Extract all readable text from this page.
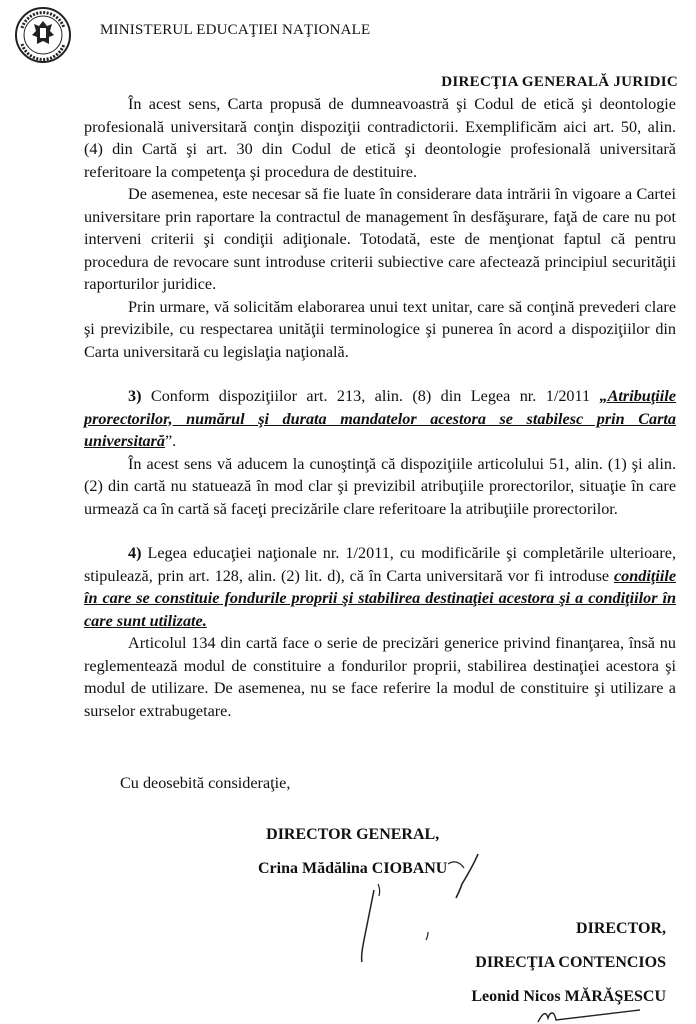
MINISTERUL EDUCAŢIEI NAŢIONALE
DIRECŢIA GENERALĂ JURIDIC

În acest sens, Carta propusă de dumneavoastră şi Codul de etică şi deontologie profesională universitară conţin dispoziţii contradictorii. Exemplificăm aici art. 50, alin. (4) din Cartă şi art. 30 din Codul de etică şi deontologie profesională universitară referitoare la competenţa şi procedura de destituire.

De asemenea, este necesar să fie luate în considerare data intrării în vigoare a Cartei universitare prin raportare la contractul de management în desfăşurare, faţă de care nu pot interveni criterii şi condiţii adiţionale. Totodată, este de menţionat faptul că pentru procedura de revocare sunt introduse criterii subiective care afectează principiul securităţii raporturilor juridice.

Prin urmare, vă solicităm elaborarea unui text unitar, care să conţină prevederi clare şi previzibile, cu respectarea unităţii terminologice şi punerea în acord a dispoziţiilor din Carta universitară cu legislaţia naţională.

3) Conform dispoziţiilor art. 213, alin. (8) din Legea nr. 1/2011 „Atribuţiile prorectorilor, numărul şi durata mandatelor acestora se stabilesc prin Carta universitară”.

În acest sens vă aducem la cunoştinţă că dispoziţiile articolului 51, alin. (1) şi alin. (2) din cartă nu statuează în mod clar şi previzibil atribuţiile prorectorilor, situaţie în care urmează ca în cartă să faceţi precizările clare referitoare la atribuţiile prorectorilor.

4) Legea educaţiei naţionale nr. 1/2011, cu modificările şi completările ulterioare, stipulează, prin art. 128, alin. (2) lit. d), că în Carta universitară vor fi introduse condiţiile în care se constituie fondurile proprii şi stabilirea destinaţiei acestora şi a condiţiilor în care sunt utilizate.

Articolul 134 din cartă face o serie de precizări generice privind finanţarea, însă nu reglementează modul de constituire a fondurilor proprii, stabilirea destinaţiei acestora şi modul de utilizare. De asemenea, nu se face referire la modul de constituire şi utilizare a surselor extrabugetare.

Cu deosebită consideraţie,
DIRECTOR GENERAL,
Crina Mădălina CIOBANU
DIRECTOR,
DIRECŢIA CONTENCIOS
Leonid Nicos MĂRĂŞESCU
